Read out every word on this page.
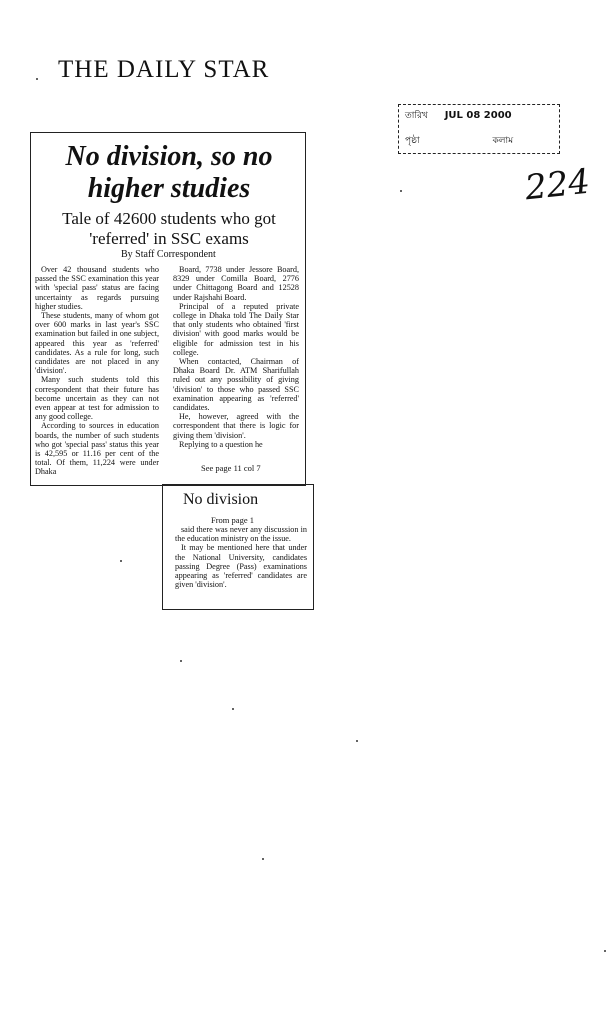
THE DAILY STAR
তারিখ JUL 08 2000
পৃষ্ঠা	কলাম
224
No division, so no higher studies
Tale of 42600 students who got 'referred' in SSC exams
By Staff Correspondent

Over 42 thousand students who passed the SSC examination this year with 'special pass' status are facing uncertainty as regards pursuing higher studies.

These students, many of whom got over 600 marks in last year's SSC examination but failed in one subject, appeared this year as 'referred' candidates. As a rule for long, such candidates are not placed in any 'division'.

Many such students told this correspondent that their future has become uncertain as they can not even appear at test for admission to any good college.

According to sources in education boards, the number of such students who got 'special pass' status this year is 42,595 or 11.16 per cent of the total. Of them, 11,224 were under Dhaka

Board, 7738 under Jessore Board, 8329 under Comilla Board, 2776 under Chittagong Board and 12528 under Rajshahi Board.

Principal of a reputed private college in Dhaka told The Daily Star that only students who obtained 'first division' with good marks would be eligible for admission test in his college.

When contacted, Chairman of Dhaka Board Dr. ATM Sharifullah ruled out any possibility of giving 'division' to those who passed SSC examination appearing as 'referred' candidates.

He, however, agreed with the correspondent that there is logic for giving them 'division'.

Replying to a question he

See page 11 col 7
No division
From page 1

said there was never any discussion in the education ministry on the issue.

It may be mentioned here that under the National University, candidates passing Degree (Pass) examinations appearing as 'referred' candidates are given 'division'.
